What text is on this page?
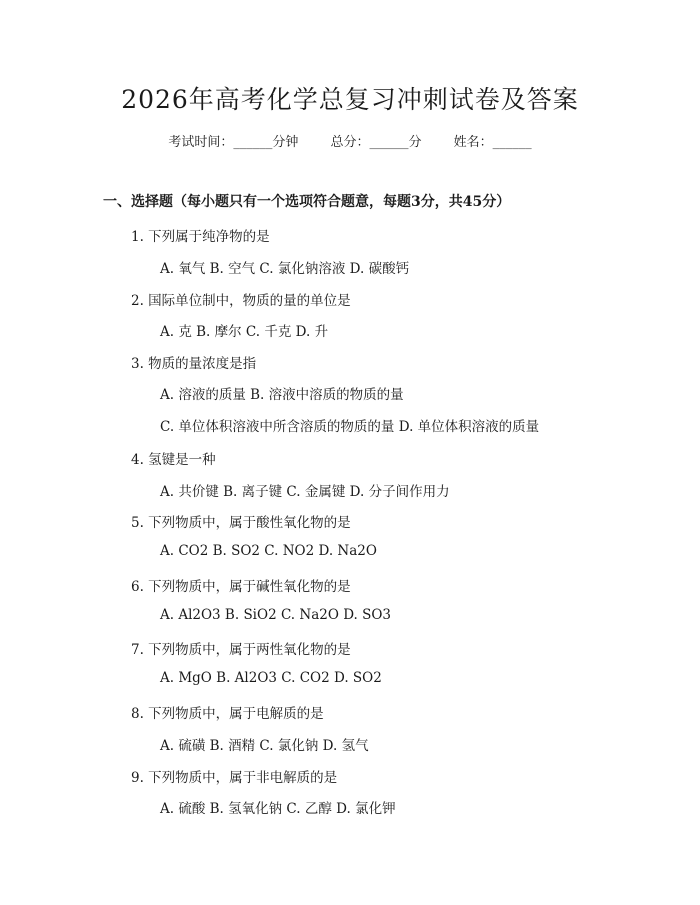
2026年高考化学总复习冲刺试卷及答案
考试时间：______分钟 总分：______分 姓名：______
一、选择题（每小题只有一个选项符合题意，每题3分，共45分）
1. 下列属于纯净物的是
A. 氧气 B. 空气 C. 氯化钠溶液 D. 碳酸钙
2. 国际单位制中，物质的量的单位是
A. 克 B. 摩尔 C. 千克 D. 升
3. 物质的量浓度是指
A. 溶液的质量 B. 溶液中溶质的物质的量
C. 单位体积溶液中所含溶质的物质的量 D. 单位体积溶液的质量
4. 氢键是一种
A. 共价键 B. 离子键 C. 金属键 D. 分子间作用力
5. 下列物质中，属于酸性氧化物的是
A. CO2 B. SO2 C. NO2 D. Na2O
6. 下列物质中，属于碱性氧化物的是
A. Al2O3 B. SiO2 C. Na2O D. SO3
7. 下列物质中，属于两性氧化物的是
A. MgO B. Al2O3 C. CO2 D. SO2
8. 下列物质中，属于电解质的是
A. 硫磺 B. 酒精 C. 氯化钠 D. 氢气
9. 下列物质中，属于非电解质的是
A. 硫酸 B. 氢氧化钠 C. 乙醇 D. 氯化钾
